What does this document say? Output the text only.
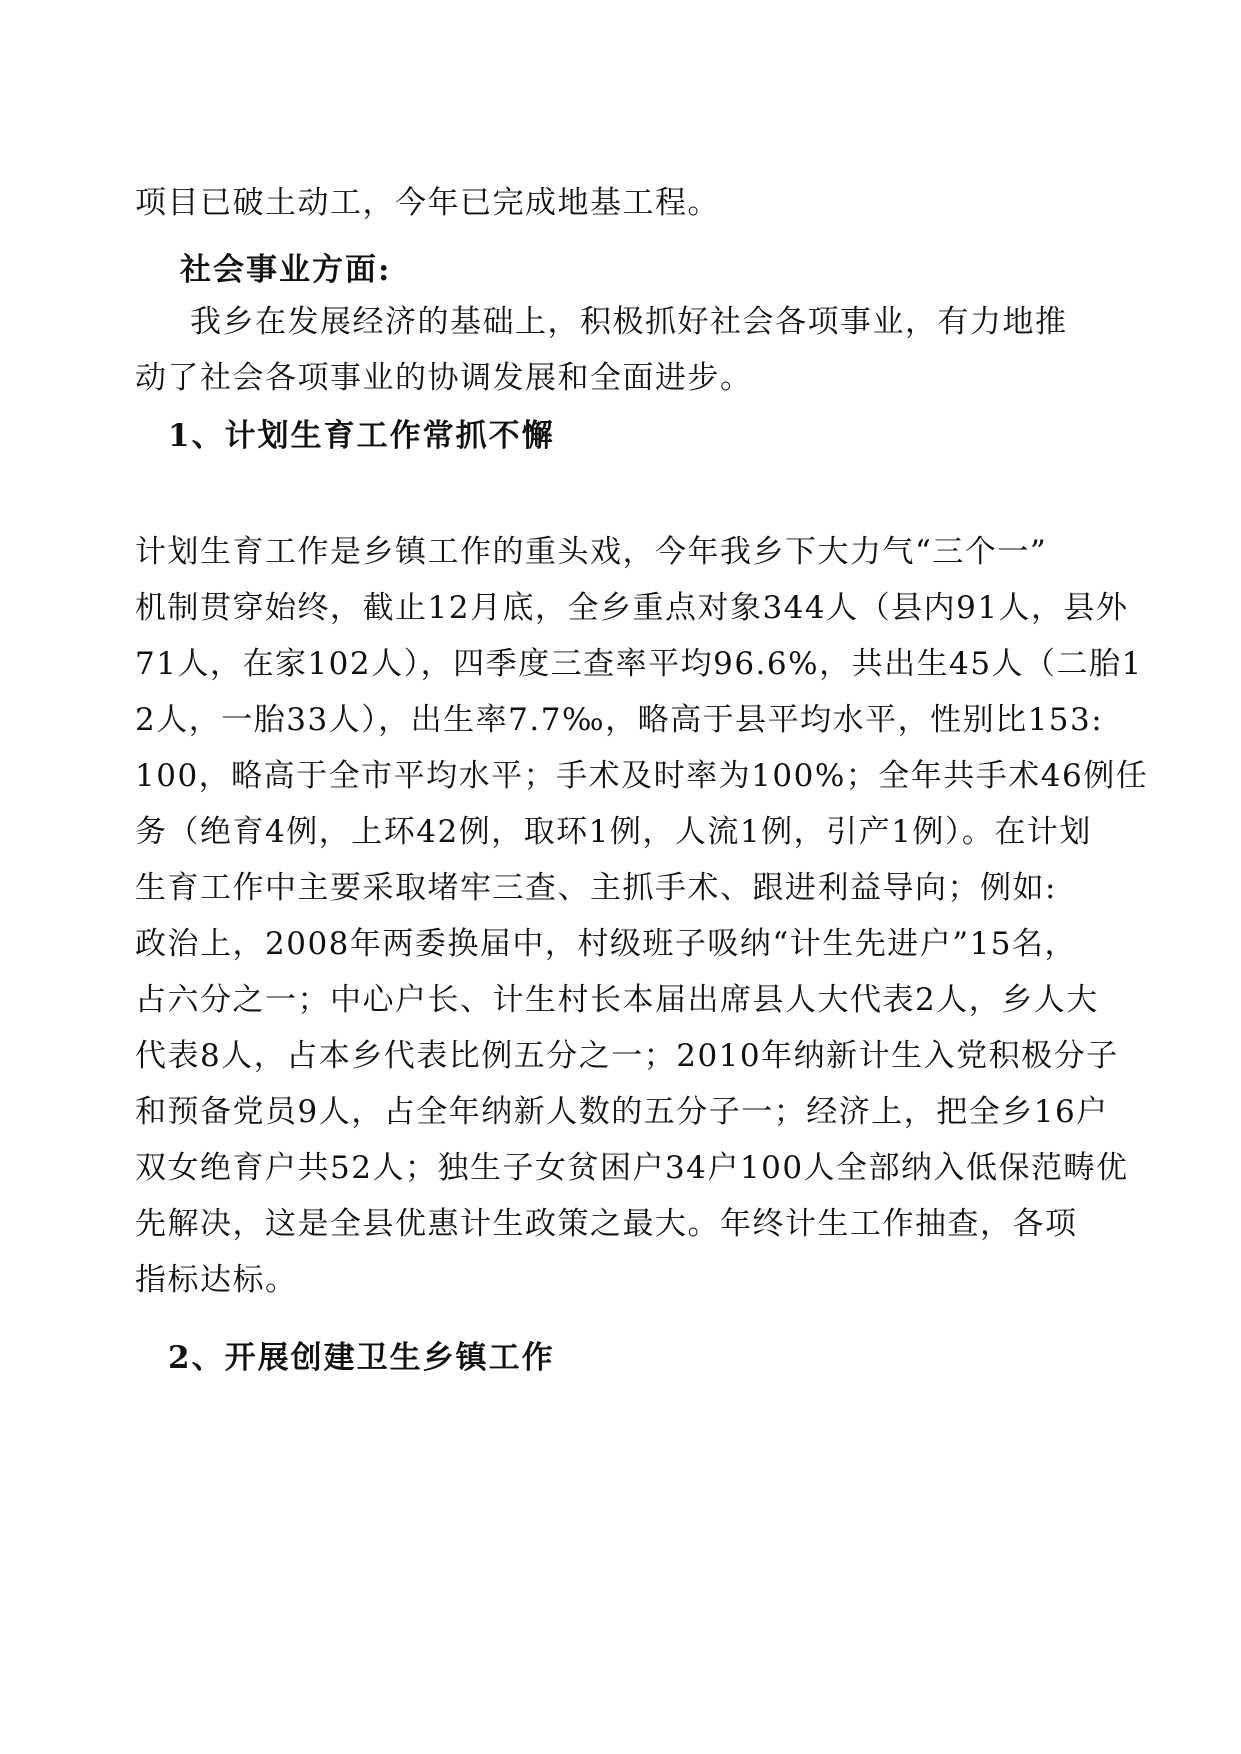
项目已破土动工，今年已完成地基工程。

社会事业方面:

我乡在发展经济的基础上，积极抓好社会各项事业，有力地推

动了社会各项事业的协调发展和全面进步。

1、计划生育工作常抓不懈

计划生育工作是乡镇工作的重头戏，今年我乡下大力气“三个一”

机制贯穿始终，截止12月底，全乡重点对象344人（县内91人，县外

71人，在家102人），四季度三查率平均96.6%，共出生45人（二胎1

2人，一胎33人），出生率7.7‰，略高于县平均水平，性别比153:

100，略高于全市平均水平；手术及时率为100%；全年共手术46例任

务（绝育4例，上环42例，取环1例，人流1例，引产1例）。在计划

生育工作中主要采取堵牢三查、主抓手术、跟进利益导向；例如:

政治上，2008年两委换届中，村级班子吸纳“计生先进户”15名，

占六分之一；中心户长、计生村长本届出席县人大代表2人，乡人大

代表8人，占本乡代表比例五分之一；2010年纳新计生入党积极分子

和预备党员9人，占全年纳新人数的五分子一；经济上，把全乡16户

双女绝育户共52人；独生子女贫困户34户100人全部纳入低保范畴优

先解决，这是全县优惠计生政策之最大。年终计生工作抽查，各项

指标达标。

2、开展创建卫生乡镇工作
